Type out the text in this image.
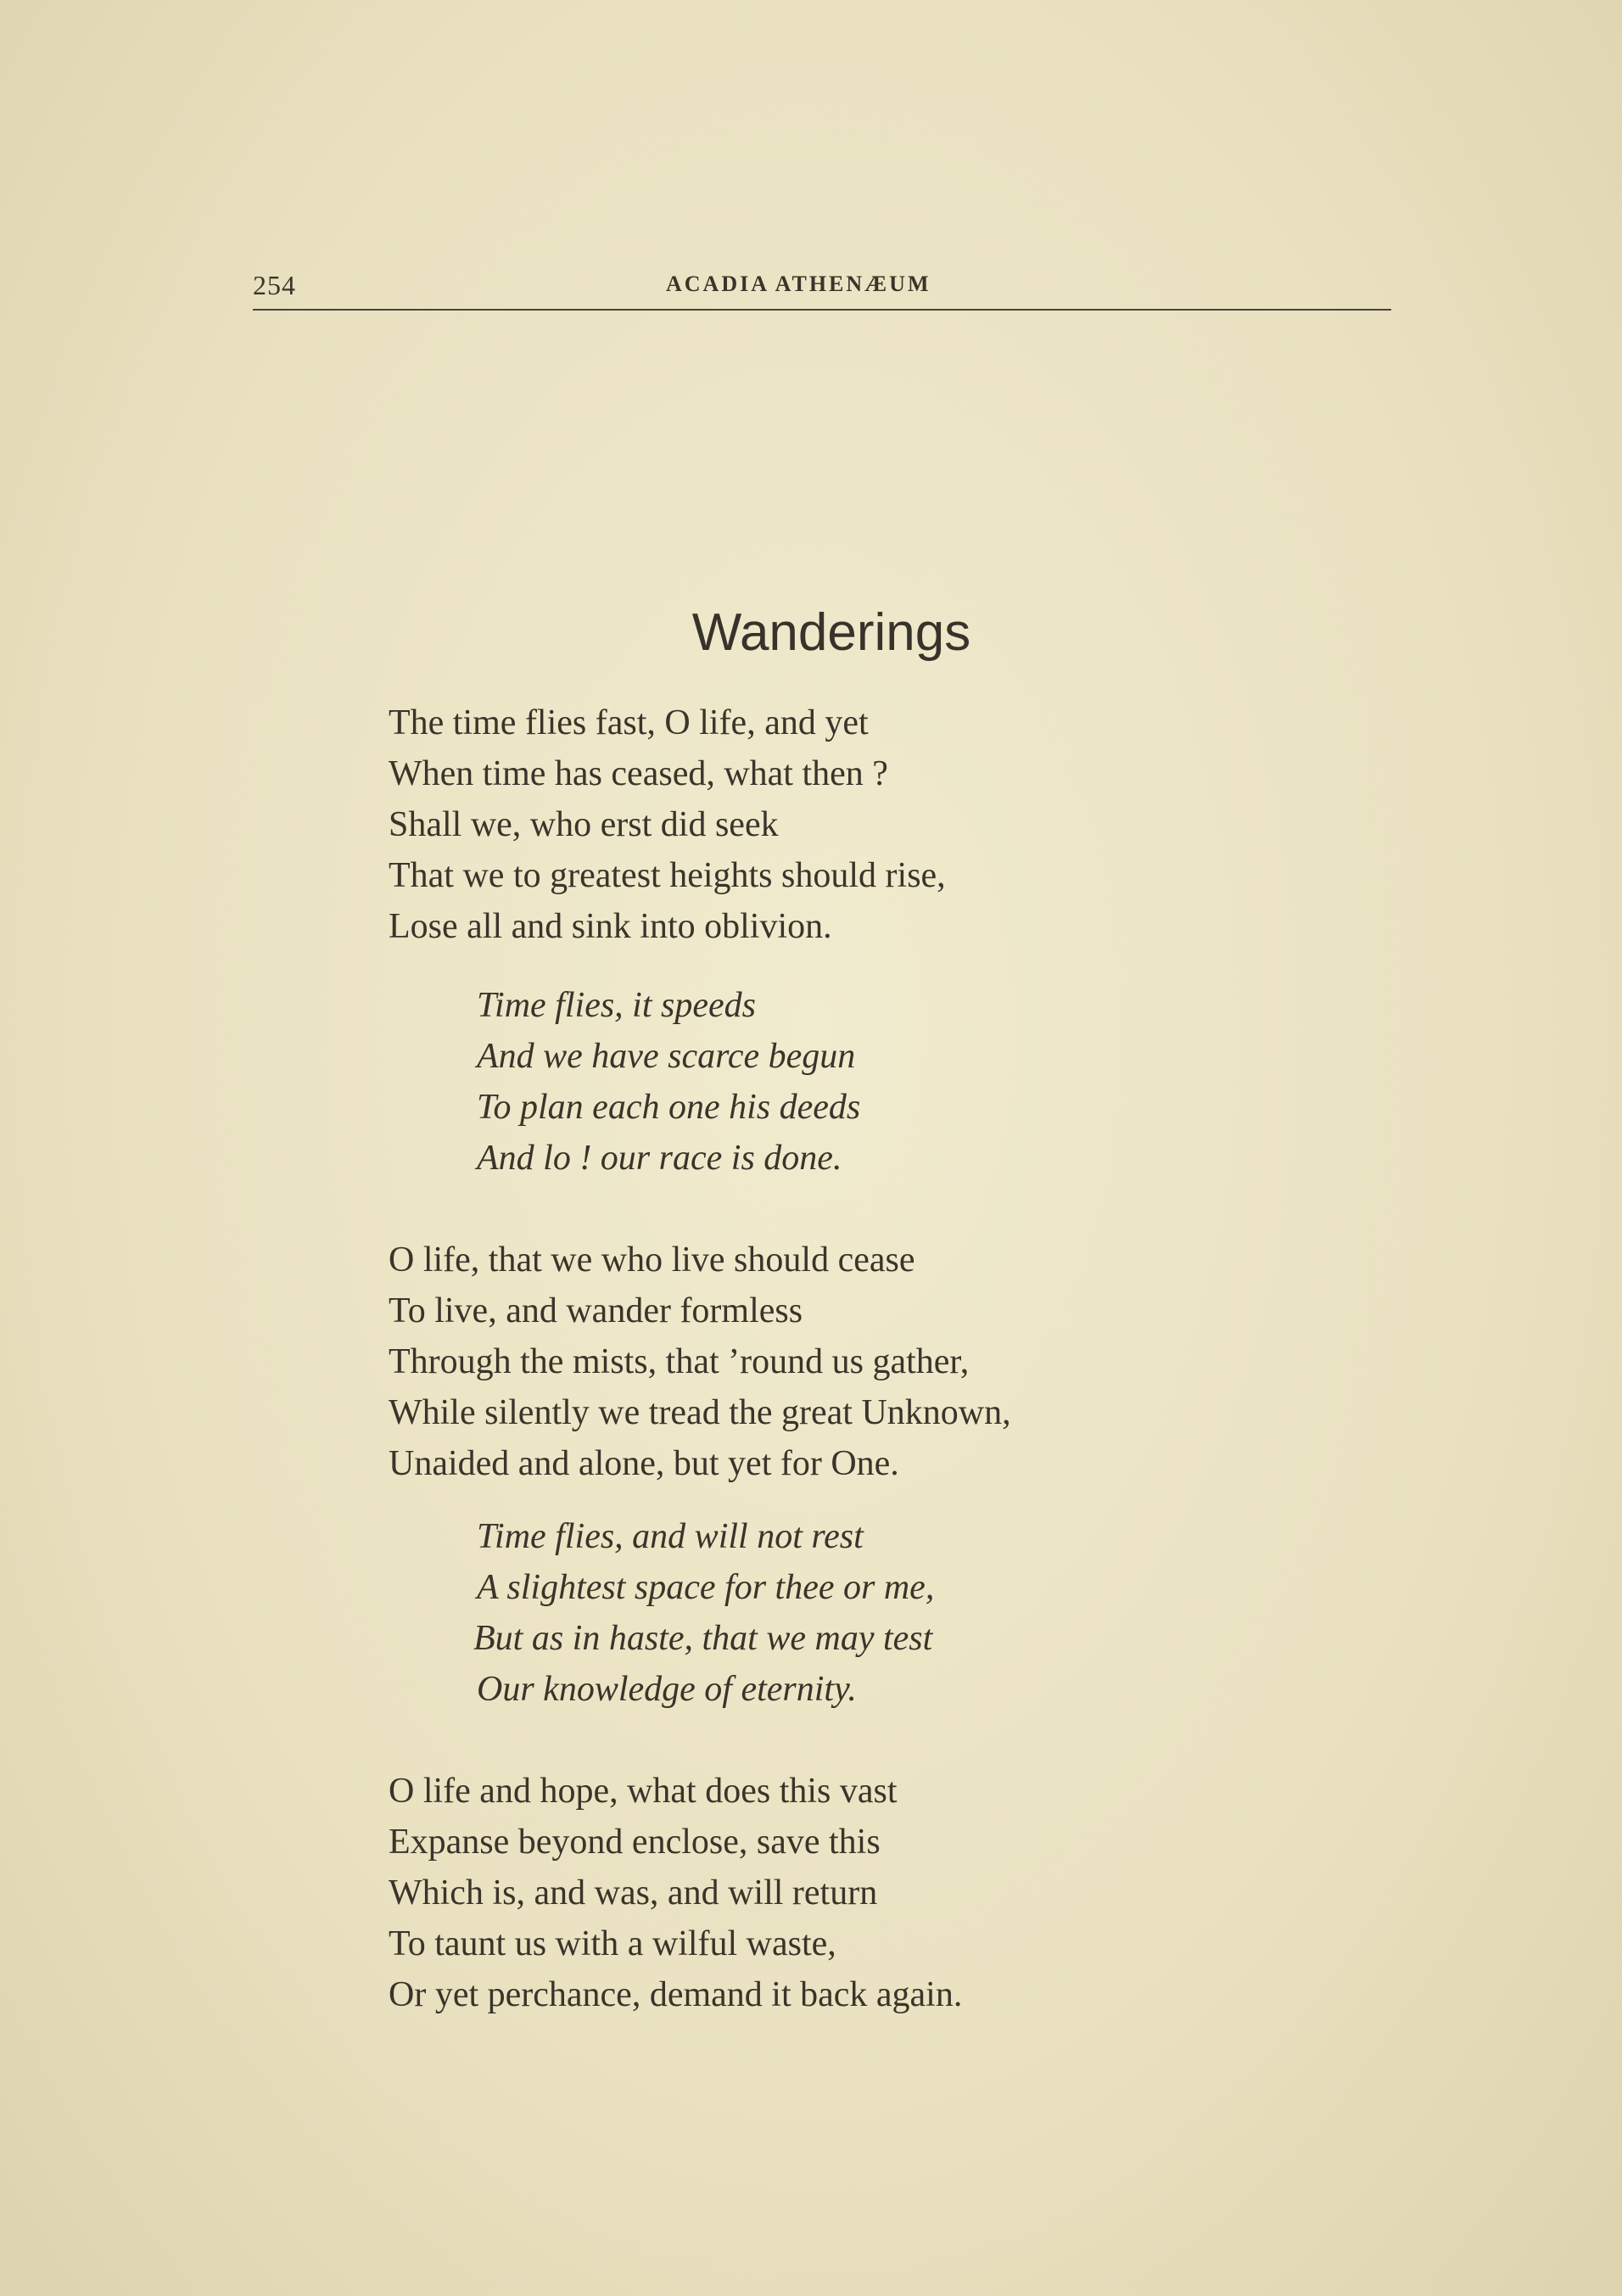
254	ACADIA ATHENÆUM
Wanderings
The time flies fast, O life, and yet
When time has ceased, what then ?
Shall we, who erst did seek
That we to greatest heights should rise,
Lose all and sink into oblivion.
Time flies, it speeds
And we have scarce begun
To plan each one his deeds
And lo ! our race is done.
O life, that we who live should cease
To live, and wander formless
Through the mists, that ’round us gather,
While silently we tread the great Unknown,
Unaided and alone, but yet for One.
Time flies, and will not rest
A slightest space for thee or me,
But as in haste, that we may test
Our knowledge of eternity.
O life and hope, what does this vast
Expanse beyond enclose, save this
Which is, and was, and will return
To taunt us with a wilful waste,
Or yet perchance, demand it back again.
